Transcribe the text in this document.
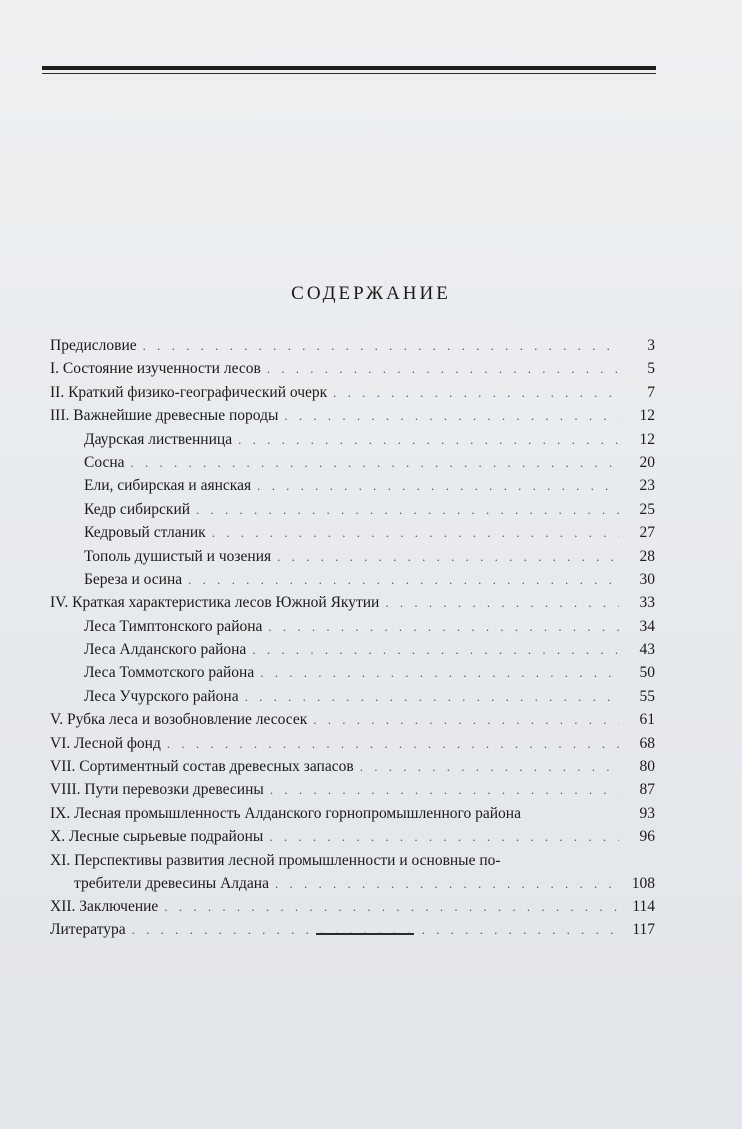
СОДЕРЖАНИЕ
Предисловие . . .	3
I. Состояние изученности лесов . . .	5
II. Краткий физико-географический очерк . . .	7
III. Важнейшие древесные породы . . .	12
Даурская лиственница . . .	12
Сосна . . .	20
Ели, сибирская и аянская . . .	23
Кедр сибирский . . .	25
Кедровый стланик . . .	27
Тополь душистый и чозения . . .	28
Береза и осина . . .	30
IV. Краткая характеристика лесов Южной Якутии . . .	33
Леса Тимптонского района . . .	34
Леса Алданского района . . .	43
Леса Томмотского района . . .	50
Леса Учурского района . . .	55
V. Рубка леса и возобновление лесосек . . .	61
VI. Лесной фонд . . .	68
VII. Сортиментный состав древесных запасов . . .	80
VIII. Пути перевозки древесины . . .	87
IX. Лесная промышленность Алданского горнопромышленного района	93
X. Лесные сырьевые подрайоны . . .	96
XI. Перспективы развития лесной промышленности и основные по-
требители древесины Алдана . . .	108
XII. Заключение . . .	114
Литература . . .	117
